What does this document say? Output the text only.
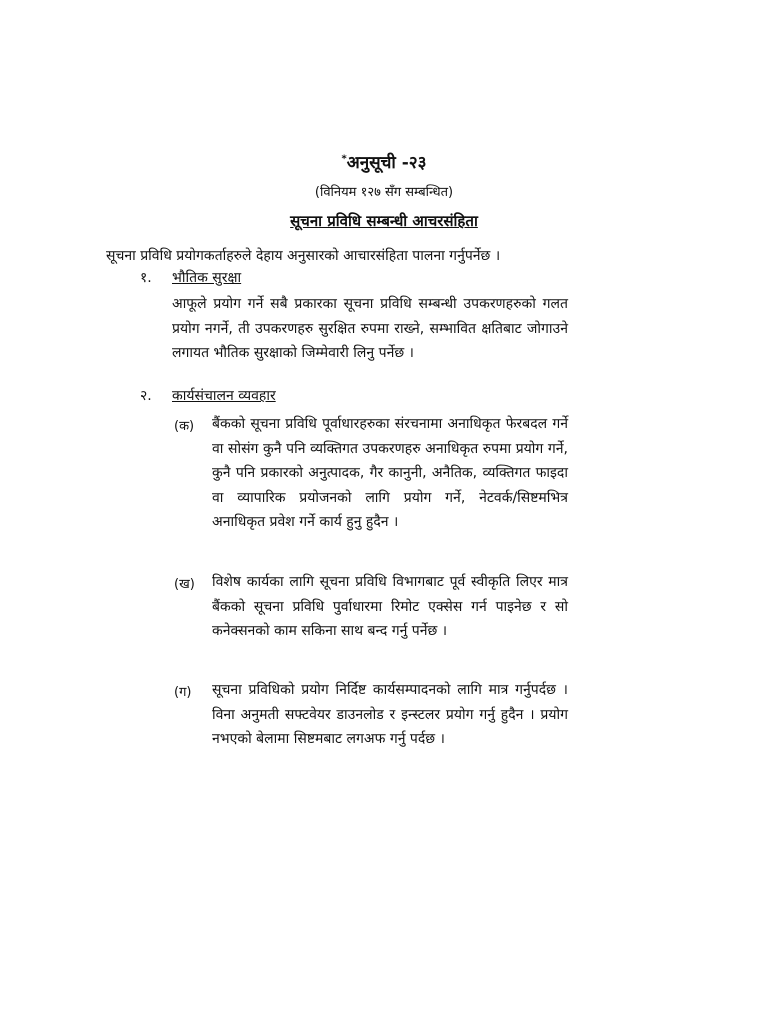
*अनुसूची -२३
(विनियम १२७ सँग सम्बन्धित)
सूचना प्रविधि सम्बन्धी आचरसंहिता
सूचना प्रविधि प्रयोगकर्ताहरुले देहाय अनुसारको आचारसंहिता पालना गर्नुपर्नेछ ।
१. भौतिक सुरक्षा
आफूले प्रयोग गर्ने सबै प्रकारका सूचना प्रविधि सम्बन्धी उपकरणहरुको गलत प्रयोग नगर्ने, ती उपकरणहरु सुरक्षित रुपमा राख्ने, सम्भावित क्षतिबाट जोगाउने लगायत भौतिक सुरक्षाको जिम्मेवारी लिनु पर्नेछ ।
२. कार्यसंचालन व्यवहार
(क) बैंकको सूचना प्रविधि पूर्वाधारहरुका संरचनामा अनाधिकृत फेरबदल गर्ने वा सोसंग कुनै पनि व्यक्तिगत उपकरणहरु अनाधिकृत रुपमा प्रयोग गर्ने, कुनै पनि प्रकारको अनुत्पादक, गैर कानुनी, अनैतिक, व्यक्तिगत फाइदा वा व्यापारिक प्रयोजनको लागि प्रयोग गर्ने, नेटवर्क/सिष्टमभित्र अनाधिकृत प्रवेश गर्ने कार्य हुनु हुदैन ।
(ख) विशेष कार्यका लागि सूचना प्रविधि विभागबाट पूर्व स्वीकृति लिएर मात्र बैंकको सूचना प्रविधि पुर्वाधारमा रिमोट एक्सेस गर्न पाइनेछ र सो कनेक्सनको काम सकिना साथ बन्द गर्नु पर्नेछ ।
(ग) सूचना प्रविधिको प्रयोग निर्दिष्ट कार्यसम्पादनको लागि मात्र गर्नुपर्दछ । विना अनुमती सफ्टवेयर डाउनलोड र इन्स्टलर प्रयोग गर्नु हुदैन । प्रयोग नभएको बेलामा सिष्टमबाट लगअफ गर्नु पर्दछ ।
